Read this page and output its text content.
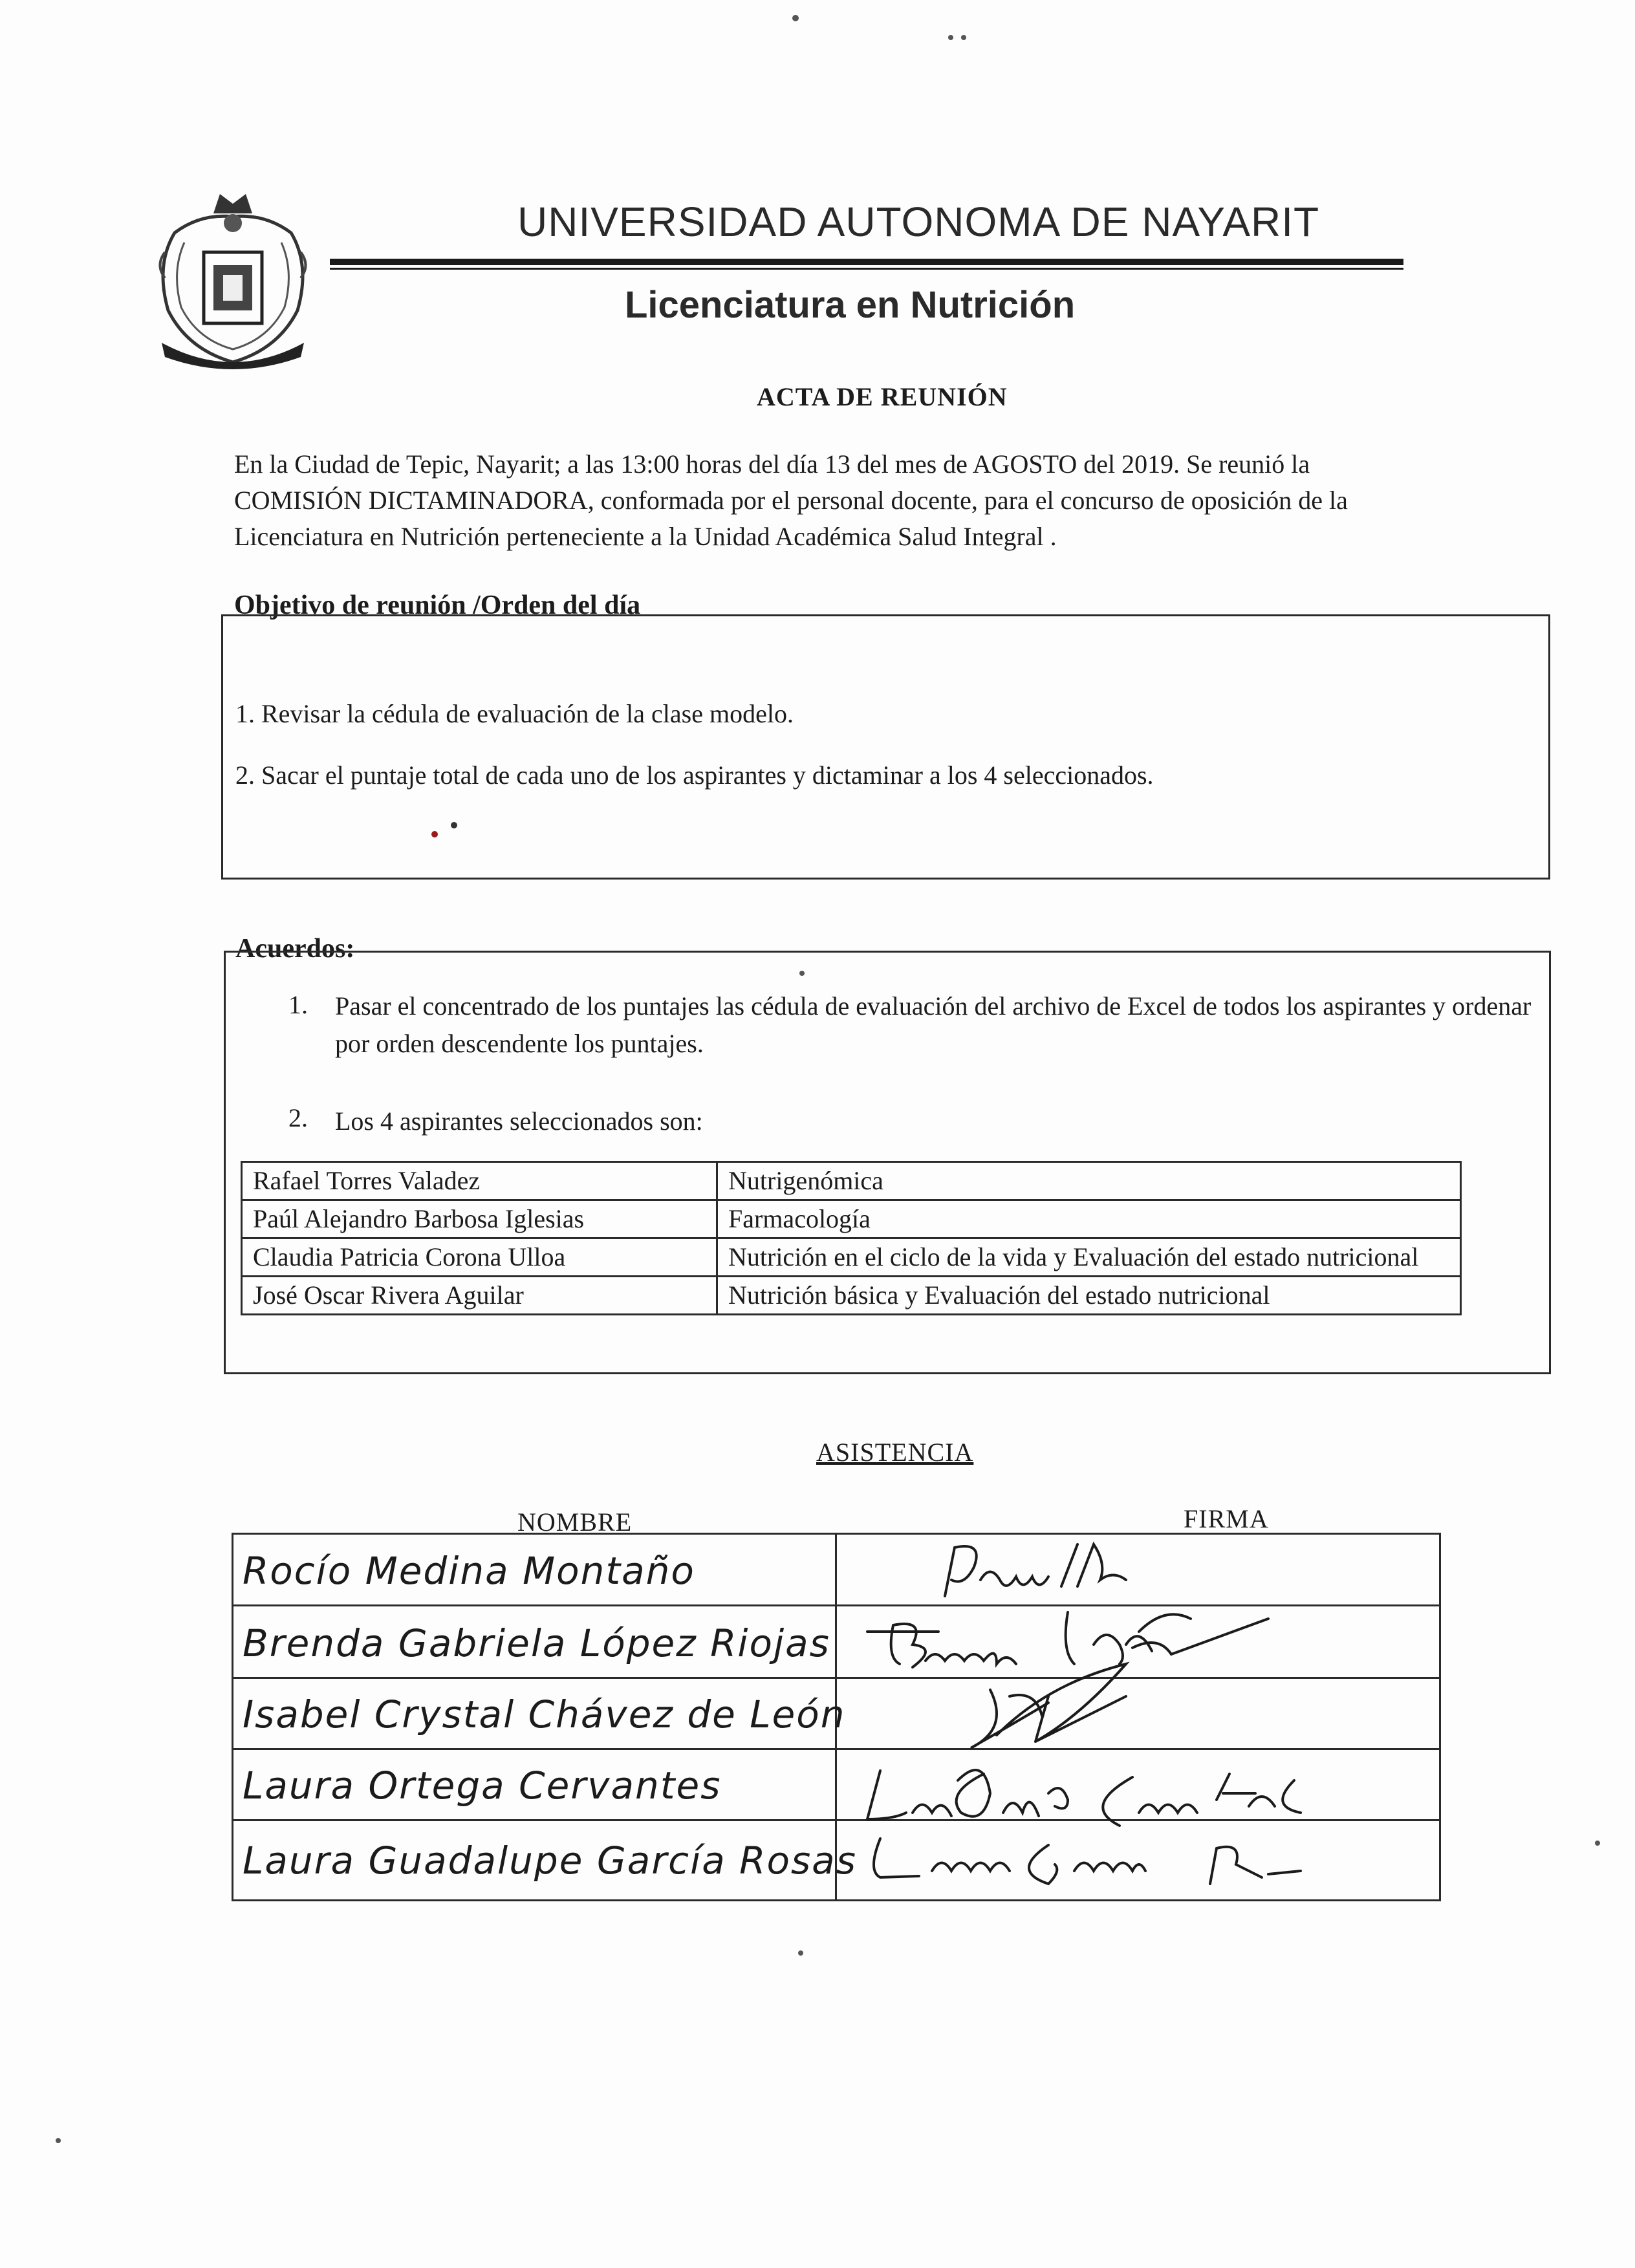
UNIVERSIDAD AUTONOMA DE NAYARIT
Licenciatura en Nutrición
ACTA DE REUNIÓN
En la Ciudad de Tepic, Nayarit; a las 13:00 horas del día 13 del mes de AGOSTO del 2019. Se reunió la COMISIÓN DICTAMINADORA, conformada por el personal docente, para el concurso de oposición de la Licenciatura en Nutrición perteneciente a la Unidad Académica Salud Integral .
Objetivo de reunión /Orden del día
1. Revisar la cédula de evaluación de la clase modelo.
2. Sacar el puntaje total de cada uno de los aspirantes y dictaminar a los 4 seleccionados.
Acuerdos:
1. Pasar el concentrado de los puntajes las cédula de evaluación del archivo de Excel de todos los aspirantes y ordenar por orden descendente los puntajes.
2. Los 4 aspirantes seleccionados son:
Rafael Torres Valadez	Nutrigenómica
Paúl Alejandro Barbosa Iglesias	Farmacología
Claudia Patricia Corona Ulloa	Nutrición en el ciclo de la vida y Evaluación del estado nutricional
José Oscar Rivera Aguilar	Nutrición básica y Evaluación del estado nutricional
ASISTENCIA
NOMBRE	FIRMA
Rocío Medina Montaño
Brenda Gabriela López Riojas
Isabel Crystal Chávez de León
Laura Ortega Cervantes
Laura Guadalupe García Rosas
